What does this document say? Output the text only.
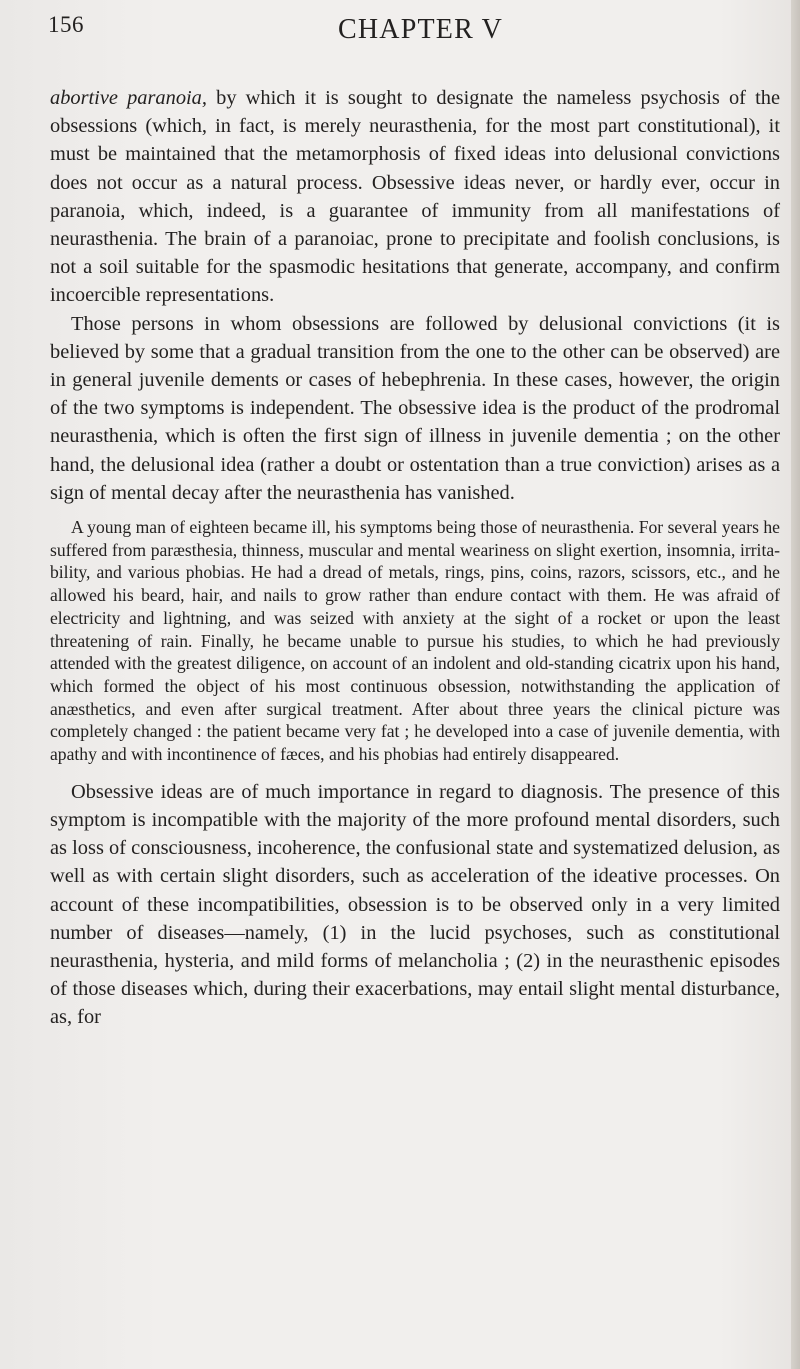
156	CHAPTER V

abortive paranoia, by which it is sought to designate the nameless psychosis of the obsessions (which, in fact, is merely neurasthenia, for the most part constitutional), it must be maintained that the metamorphosis of fixed ideas into delusional convictions does not occur as a natural process. Obsessive ideas never, or hardly ever, occur in paranoia, which, indeed, is a guarantee of immunity from all manifestations of neurasthenia. The brain of a paranoiac, prone to precipitate and foolish conclusions, is not a soil suitable for the spasmodic hesitations that generate, accompany, and confirm incoercible representations.

Those persons in whom obsessions are followed by delusional convictions (it is believed by some that a gradual transition from the one to the other can be observed) are in general juvenile dements or cases of hebephrenia. In these cases, however, the origin of the two symptoms is independent. The obsessive idea is the product of the prodromal neurasthenia, which is often the first sign of illness in juvenile dementia ; on the other hand, the delusional idea (rather a doubt or ostentation than a true conviction) arises as a sign of mental decay after the neurasthenia has vanished.

A young man of eighteen became ill, his symptoms being those of neurasthenia. For several years he suffered from paræsthesia, thinness, muscular and mental weariness on slight exertion, insomnia, irritability, and various phobias. He had a dread of metals, rings, pins, coins, razors, scissors, etc., and he allowed his beard, hair, and nails to grow rather than endure contact with them. He was afraid of electricity and lightning, and was seized with anxiety at the sight of a rocket or upon the least threatening of rain. Finally, he became unable to pursue his studies, to which he had previously attended with the greatest diligence, on account of an indolent and old-standing cicatrix upon his hand, which formed the object of his most continuous obsession, notwithstanding the application of anæsthetics, and even after surgical treatment. After about three years the clinical picture was completely changed : the patient became very fat ; he developed into a case of juvenile dementia, with apathy and with incontinence of fæces, and his phobias had entirely disappeared.

Obsessive ideas are of much importance in regard to diagnosis. The presence of this symptom is incompatible with the majority of the more profound mental disorders, such as loss of consciousness, incoherence, the confusional state and systematized delusion, as well as with certain slight disorders, such as acceleration of the ideative processes. On account of these incompatibilities, obsession is to be observed only in a very limited number of diseases—namely, (1) in the lucid psychoses, such as constitutional neurasthenia, hysteria, and mild forms of melancholia ; (2) in the neurasthenic episodes of those diseases which, during their exacerbations, may entail slight mental disturbance, as, for
